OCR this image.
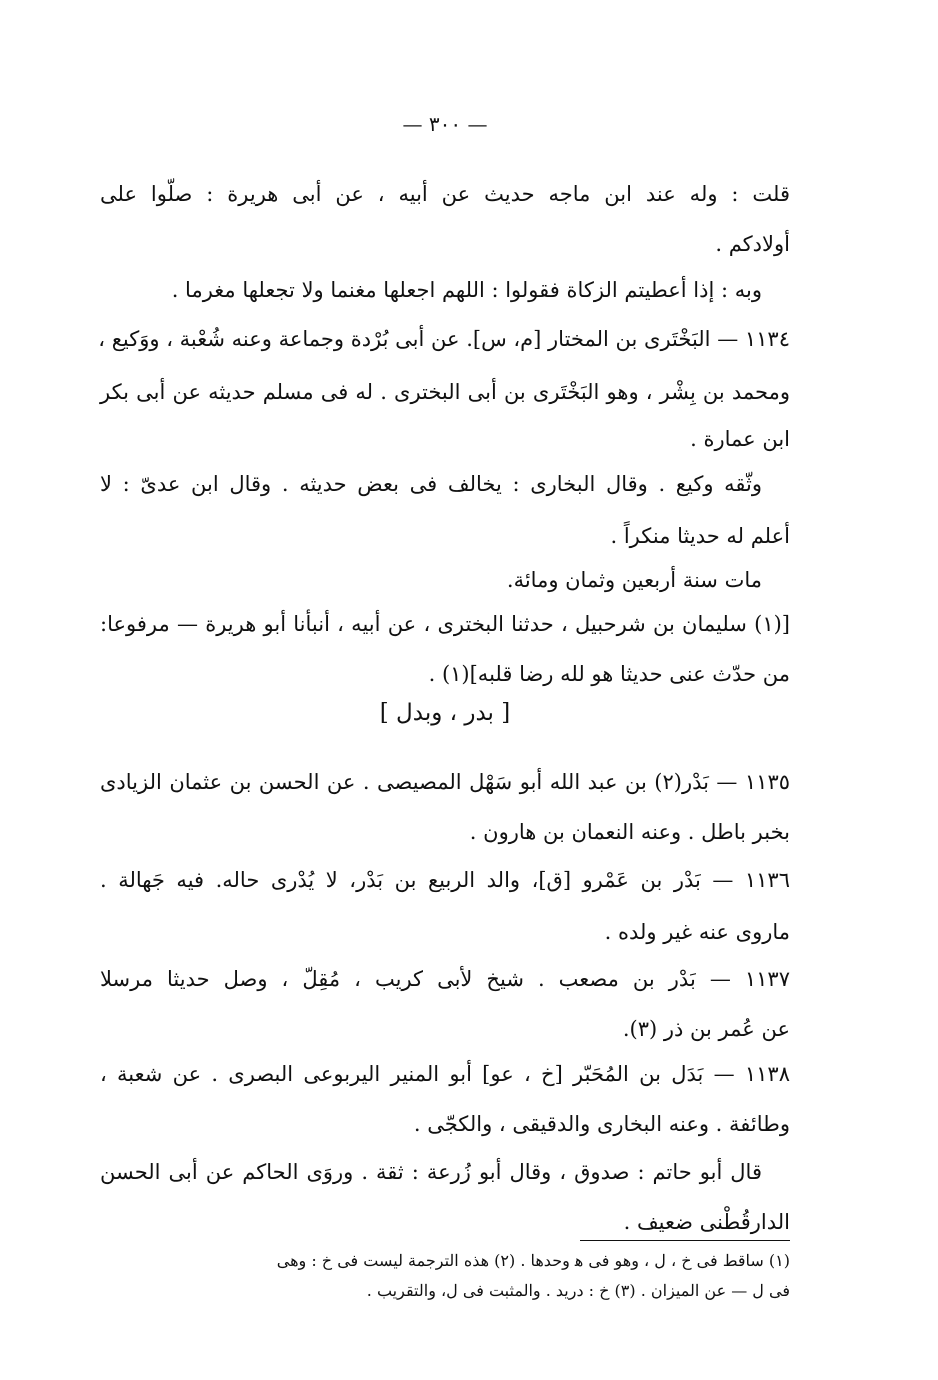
— ٣٠٠ —
قلت : وله عند ابن ماجه حديث عن أبيه ، عن أبى هريرة : صلّوا على
أولادكم .
وبه : إذا أعطيتم الزكاة فقولوا : اللهم اجعلها مغنما ولا تجعلها مغرما .
١١٣٤ — البَخْتَرى بن المختار [م، س]. عن أبى بُرْدة وجماعة وعنه شُعْبة ، ووَكيع ،
ومحمد بن بِشْر ، وهو البَخْتَرى بن أبى البخترى . له فى مسلم حديثه عن أبى بكر
ابن عمارة .
وثّقه وكيع . وقال البخارى : يخالف فى بعض حديثه . وقال ابن عدىّ : لا
أعلم له حديثا منكراً .
مات سنة أربعين وثمان ومائة.
[(١) سليمان بن شرحبيل ، حدثنا البخترى ، عن أبيه ، أنبأنا أبو هريرة — مرفوعا:
من حدّث عنى حديثا هو لله رضا قلبه](١) .
[ بدر ، وبدل ]
١١٣٥ — بَدْر(٢) بن عبد الله أبو سَهْل المصيصى . عن الحسن بن عثمان الزيادى
بخبر باطل . وعنه النعمان بن هارون .
١١٣٦ — بَدْر بن عَمْرو [ق]، والد الربيع بن بَدْر، لا يُدْرى حاله. فيه جَهالة .
ماروى عنه غير ولده .
١١٣٧ — بَدْر بن مصعب . شيخ لأبى كريب ، مُقِلّ ، وصل حديثا مرسلا
عن عُمر بن ذر (٣).
١١٣٨ — بَدَل بن المُحَبّر [خ ، عو] أبو المنير اليربوعى البصرى . عن شعبة ،
وطائفة . وعنه البخارى والدقيقى ، والكجّى .
قال أبو حاتم : صدوق ، وقال أبو زُرعة : ثقة . وروَى الحاكم عن أبى الحسن
الدارقُطْنى ضعيف .
(١) ساقط فى خ ، ل ، وهو فى ﻫ وحدها . (٢) هذه الترجمة ليست فى خ : وهى
فى ل — عن الميزان . (٣) خ : دريد . والمثبت فى ل، والتقريب .
